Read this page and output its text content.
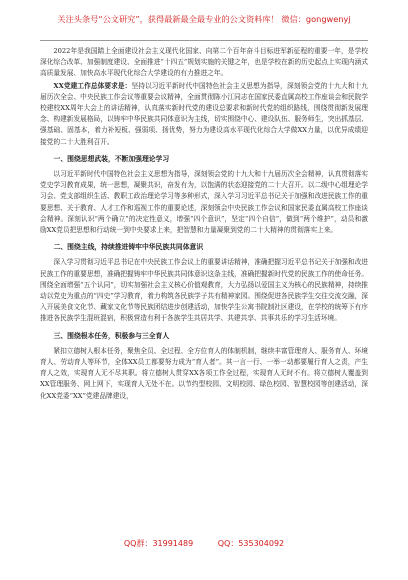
关注头条号“公文研究”，获得最新最全最专业的公文资料库！ 微信：gongwenyj

2022年是我国踏上全面建设社会主义现代化国家、向第二个百年奋斗目标进军新征程的重要一年，是学校深化综合改革、加强制度建设、全面推进“十四五”规划实施的关键之年，也是学校在新的历史起点上实现内涵式高质量发展、加快高水平现代化综合大学建设的有力推进之年。

XX党建工作总体要求是：坚持以习近平新时代中国特色社会主义思想为指导，深刻领会党的十九大和十九届历次全会、中央民族工作会议等重要会议精神，全面贯彻陈小江同志在国家民委直属高校工作座谈会和民院学校建校XX周年大会上的讲话精神，认真落实新时代党的建设总要求和新时代党的组织路线，围绕贯彻新发展理念、构建新发展格局，以铸牢中华民族共同体意识为主线，切实围绕中心、建设队伍、服务师生，突出抓基层、强基础、固基本，着力补短板、强弱项、扬优势，努力为建设高水平现代化综合大学做XX力量，以优异成绩迎接党的二十大胜利召开。

一、围绕思想武装，不断加强理论学习

以习近平新时代中国特色社会主义思想为指导，深刻领会党的十九大和十九届历次全会精神，认真贯彻落实党史学习教育成果，统一思想，凝聚共识，奋发有为，以饱满的状态迎接党的二十大召开。以二级中心组理论学习会、党支部组织生活、教职工政治理论学习等多种形式，深入学习习近平总书记关于加强和改进民族工作的重要思想、关于教育、人才工作和巡视工作的重要论述，深刻领会中央民族工作会议和国家民委直属高校工作座谈会精神。深刻认识“两个确立”的决定性意义，增强“四个意识”，坚定“四个自信”，做到“两个维护”，动员和激励XX党员把思想和行动统一到中央要求上来，把智慧和力量凝聚到党的二十大精神的贯彻落实上来。

二、围绕主线，持续推进铸牢中华民族共同体意识

深入学习贯彻习近平总书记在中央民族工作会议上的重要讲话精神，准确把握习近平总书记关于加强和改进民族工作的重要思想，准确把握铸牢中华民族共同体意识这条主线，准确把握新时代党的民族工作的使命任务。围绕全面增强“五个认同”，切实加强社会主义核心价值观教育，大力弘扬以爱国主义为核心的民族精神，持续推动以党史为重点的“四史”学习教育，着力构筑各民族学子共有精神家园。围绕促进各民族学生交往交流交融，深入开展美食文化节、藏家文化节等民族团结进步创建活动，加快学生公寓书院制社区建设，在学校的统筹下有序推进各民族学生混班混宿，积极营造有利于各族学生共居共学、共建共享、共事共乐的学习生活环境。

三、围绕根本任务，积极参与三全育人

紧扣立德树人根本任务，聚焦全员、全过程、全方位育人的体制机制，继续丰富管理育人、服务育人、环境育人、劳动育人等环节，全体XX员工都要努力成为“育人者”。其一言一行、一举一动都要履行育人之责，产生育人之效，实现育人无不尽其职。将立德树人贯穿XX各项工作全过程，实现育人无时不有。将立德树人覆盖到XX管理服务、网上网下，实现育人无处不在。以节约型校园、文明校园、绿色校园、智慧校园等创建活动，深化XX党委“XX”党建品牌建设，

QQ群：31991489	QQ：535304092
